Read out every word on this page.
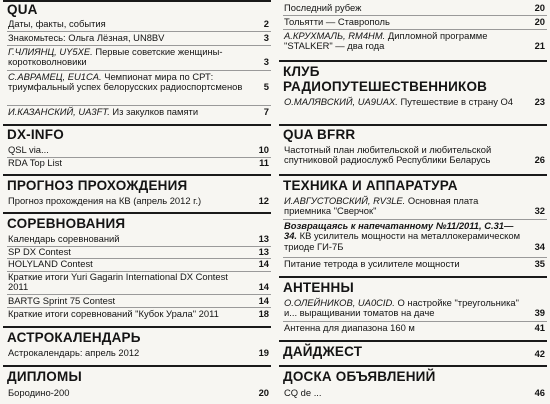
QUA
Даты, факты, события	2
Знакомьтесь: Ольга Лёзная, UN8BV	3
Г.ЧЛИЯНЦ, UY5XE. Первые советские женщины-коротковолновики	3
С.АВРАМЕЦ, EU1CA. Чемпионат мира по СРТ: триумфальный успех белорусских радиоспортсменов	5
И.КАЗАНСКИЙ, UA3FT. Из закулков памяти	7
DX-INFO
QSL via...	10
RDA Top List	11
ПРОГНОЗ ПРОХОЖДЕНИЯ
Прогноз прохождения на КВ (апрель 2012 г.)	12
СОРЕВНОВАНИЯ
Календарь соревнований	13
SP DX Contest	13
HOLYLAND Contest	14
Краткие итоги Yuri Gagarin International DX Contest 2011	14
BARTG Sprint 75 Contest	14
Краткие итоги соревнований "Кубок Урала" 2011	18
АСТРОКАЛЕНДАРЬ
Астрокалендарь: апрель 2012	19
ДИПЛОМЫ
Бородино-200	20
Последний рубеж	20
Тольятти — Ставрополь	20
А.КРУХМАЛЬ, RM4HM. Дипломной программе "STALKER" — два года	21
КЛУБ
РАДИОПУТЕШЕСТВЕННИКОВ
О.МАЛЯВСКИЙ, UA9UAX. Путешествие в страну О4	23
QUA BFRR
Частотный план любительской и любительской спутниковой радиослужб Республики Беларусь	26
ТЕХНИКА И АППАРАТУРА
И.АВГУСТОВСКИЙ, RV3LE. Основная плата приемника "Сверчок"	32
Возвращаясь к напечатанному №11/2011, С.31—34. КВ усилитель мощности на металлокерамическом триоде ГИ-7Б	34
Питание тетрода в усилителе мощности	35
АНТЕННЫ
О.ОЛЕЙНИКОВ, UA0CID. О настройке "треугольника" и... выращивании томатов на даче	39
Антенна для диапазона 160 м	41
ДАЙДЖЕСТ	42
ДОСКА ОБЪЯВЛЕНИЙ
CQ de ...	46
